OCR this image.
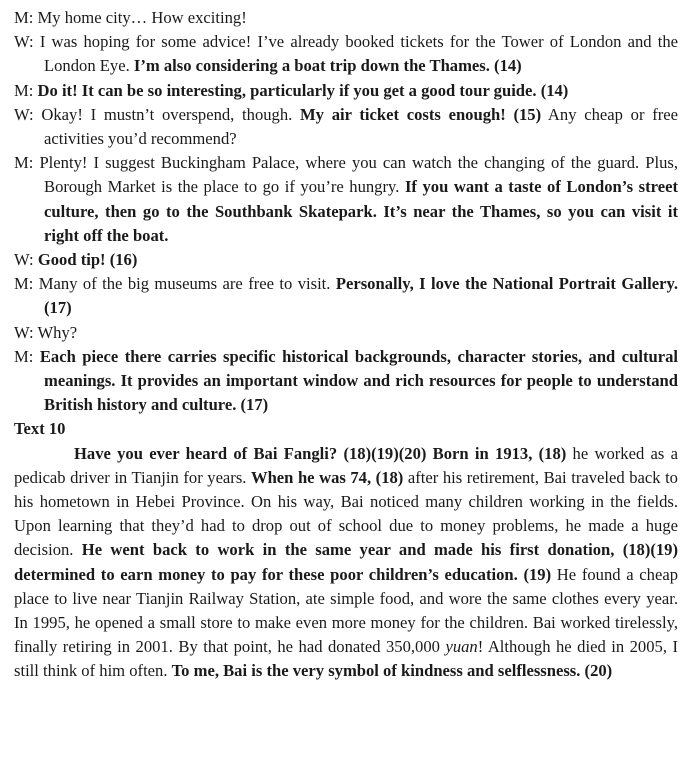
M: My home city… How exciting!
W: I was hoping for some advice! I’ve already booked tickets for the Tower of London and the London Eye. I’m also considering a boat trip down the Thames. (14)
M: Do it! It can be so interesting, particularly if you get a good tour guide. (14)
W: Okay! I mustn’t overspend, though. My air ticket costs enough! (15) Any cheap or free activities you’d recommend?
M: Plenty! I suggest Buckingham Palace, where you can watch the changing of the guard. Plus, Borough Market is the place to go if you’re hungry. If you want a taste of London’s street culture, then go to the Southbank Skatepark. It’s near the Thames, so you can visit it right off the boat.
W: Good tip! (16)
M: Many of the big museums are free to visit. Personally, I love the National Portrait Gallery. (17)
W: Why?
M: Each piece there carries specific historical backgrounds, character stories, and cultural meanings. It provides an important window and rich resources for people to understand British history and culture. (17)
Text 10
Have you ever heard of Bai Fangli? (18)(19)(20) Born in 1913, (18) he worked as a pedicab driver in Tianjin for years. When he was 74, (18) after his retirement, Bai traveled back to his hometown in Hebei Province. On his way, Bai noticed many children working in the fields. Upon learning that they’d had to drop out of school due to money problems, he made a huge decision. He went back to work in the same year and made his first donation, (18)(19) determined to earn money to pay for these poor children’s education. (19) He found a cheap place to live near Tianjin Railway Station, ate simple food, and wore the same clothes every year. In 1995, he opened a small store to make even more money for the children. Bai worked tirelessly, finally retiring in 2001. By that point, he had donated 350,000 yuan! Although he died in 2005, I still think of him often. To me, Bai is the very symbol of kindness and selflessness. (20)
